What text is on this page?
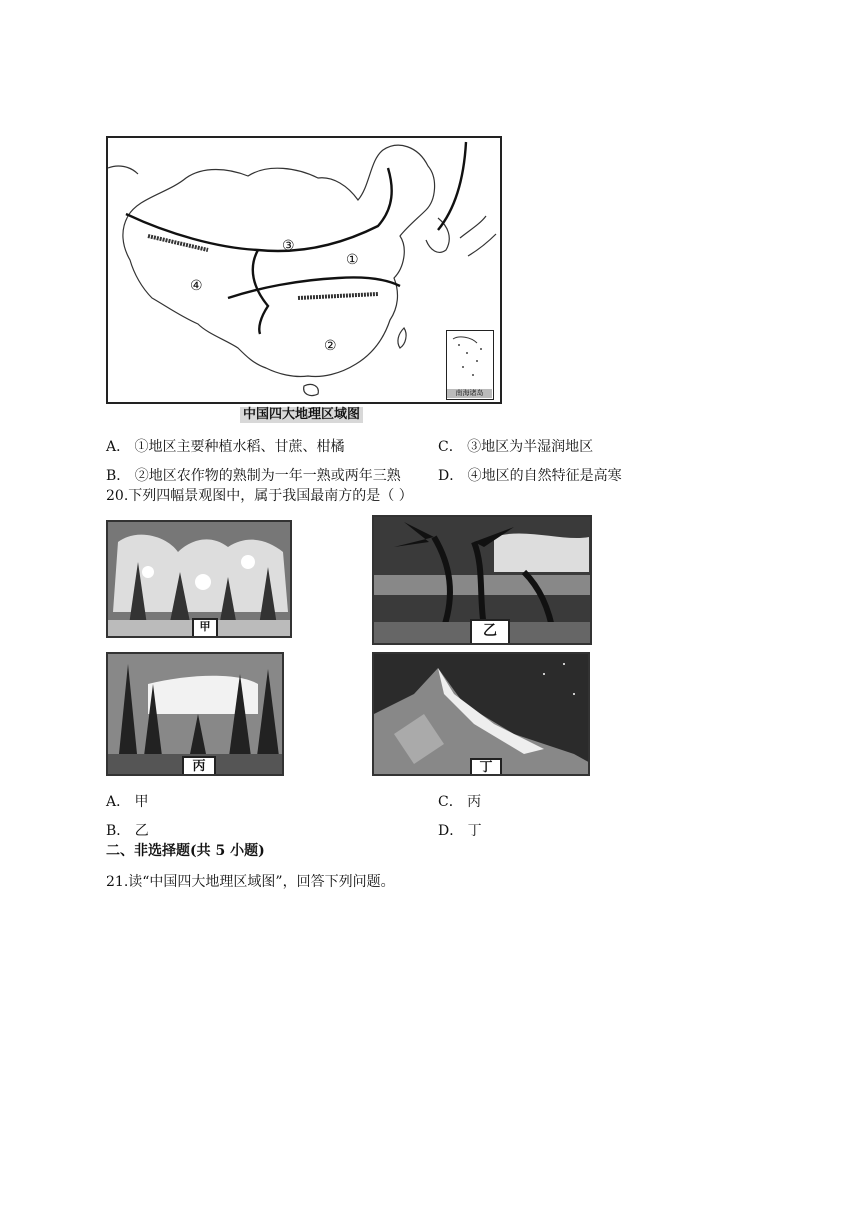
①
②
③
④
南海诸岛
中国四大地理区域图
A． ①地区主要种植水稻、甘蔗、柑橘	C． ③地区为半湿润地区
B． ②地区农作物的熟制为一年一熟或两年三熟	D． ④地区的自然特征是高寒
20.下列四幅景观图中，属于我国最南方的是（ ）
甲	乙
丙	丁
A． 甲	C． 丙
B． 乙	D． 丁
二、非选择题(共 5 小题)
21.读“中国四大地理区域图”，回答下列问题。
